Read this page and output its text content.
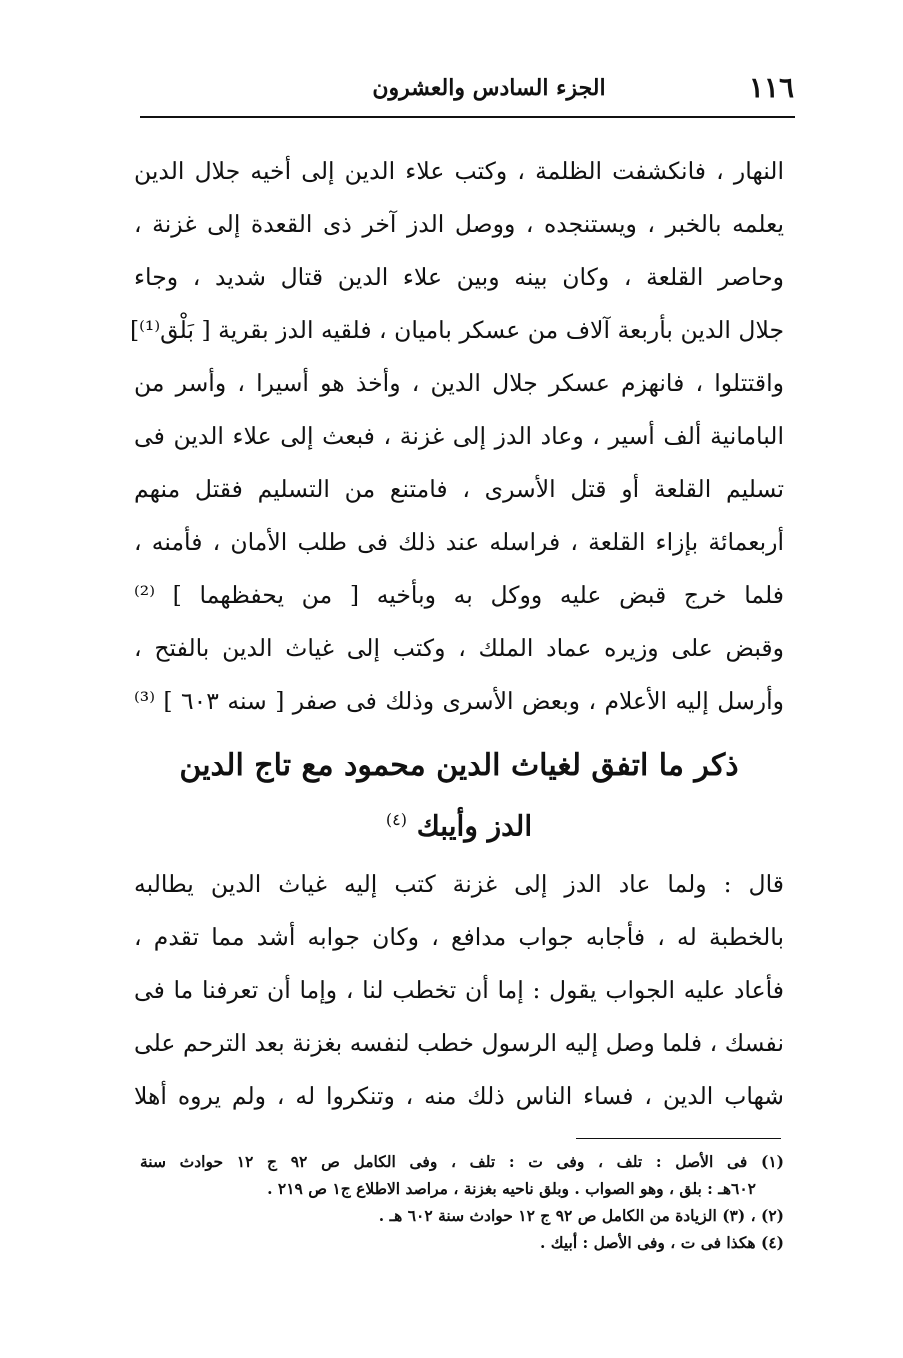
١١٦
الجزء السادس والعشرون
النهار ، فانكشفت الظلمة ، وكتب علاء الدين إلى أخيه جلال الدين
يعلمه بالخبر ، ويستنجده ، ووصل الدز آخر ذى القعدة إلى غزنة ،
وحاصر القلعة ، وكان بينه وبين علاء الدين قتال شديد ، وجاء
جلال الدين بأربعة آلاف من عسكر باميان ، فلقيه الدز بقرية [ بَلْق⁽¹⁾]
واقتتلوا ، فانهزم عسكر جلال الدين ، وأخذ هو أسيرا ، وأسر من
البامانية ألف أسير ، وعاد الدز إلى غزنة ، فبعث إلى علاء الدين فى
تسليم القلعة أو قتل الأسرى ، فامتنع من التسليم فقتل منهم
أربعمائة بإزاء القلعة ، فراسله عند ذلك فى طلب الأمان ، فأمنه ،
فلما خرج قبض عليه ووكل به وبأخيه [ من يحفظهما ] ⁽²⁾
وقبض على وزيره عماد الملك ، وكتب إلى غياث الدين بالفتح ،
وأرسل إليه الأعلام ، وبعض الأسرى وذلك فى صفر [ سنه ٦٠٣ ] ⁽³⁾
ذكر ما اتفق لغياث الدين محمود مع تاج الدين
الدز وأيبك $^{(٤)}$
قال : ولما عاد الدز إلى غزنة كتب إليه غياث الدين يطالبه
بالخطبة له ، فأجابه جواب مدافع ، وكان جوابه أشد مما تقدم ،
فأعاد عليه الجواب يقول : إما أن تخطب لنا ، وإما أن تعرفنا ما فى
نفسك ، فلما وصل إليه الرسول خطب لنفسه بغزنة بعد الترحم على
شهاب الدين ، فساء الناس ذلك منه ، وتنكروا له ، ولم يروه أهلا
(١) فى الأصل : تلف ، وفى ت : تلف ، وفى الكامل ص ٩٢ ج ١٢ حوادث سنة
٦٠٢هـ : بلق ، وهو الصواب . وبلق ناحيه بغزنة ، مراصد الاطلاع ج١ ص ٢١٩ .
(٢) ، (٣) الزيادة من الكامل ص ٩٢ ج ١٢ حوادث سنة ٦٠٢ هـ .
(٤) هكذا فى ت ، وفى الأصل : أبيك .
